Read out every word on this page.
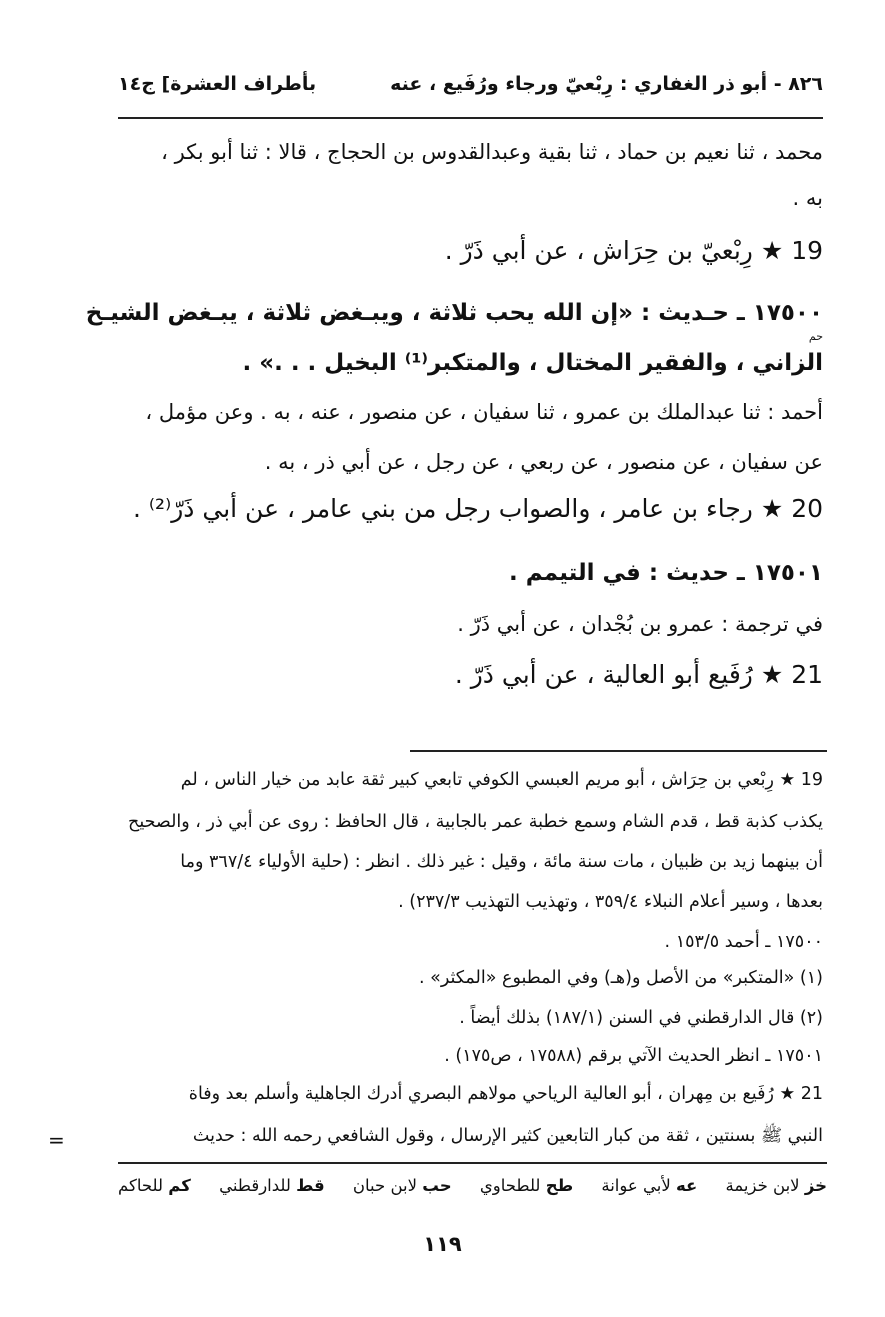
بأطراف العشرة] ج١٤	٨٢٦ - أبو ذر الغفاري : رِبْعيّ ورجاء ورُفَيع ، عنه
محمد ، ثنا نعيم بن حماد ، ثنا بقية وعبدالقدوس بن الحجاج ، قالا : ثنا أبو بكر ،
به .
19 ★ رِبْعيّ بن حِرَاش ، عن أبي ذَرّ .
١٧٥٠٠ ـ حـديث : «إن الله يحب ثلاثة ، ويبـغض ثلاثة ، يبـغض الشيـخ
حم
الزاني ، والفقير المختال ، والمتكبر⁽¹⁾ البخيل . . .» .
أحمد : ثنا عبدالملك بن عمرو ، ثنا سفيان ، عن منصور ، عنه ، به . وعن مؤمل ،
عن سفيان ، عن منصور ، عن ربعي ، عن رجل ، عن أبي ذر ، به .
20 ★ رجاء بن عامر ، والصواب رجل من بني عامر ، عن أبي ذَرّ⁽²⁾ .
١٧٥٠١ ـ حديث : في التيمم .
في ترجمة : عمرو بن بُجْدان ، عن أبي ذَرّ .
21 ★ رُفَيع أبو العالية ، عن أبي ذَرّ .
19 ★ رِبْعي بن حِرَاش ، أبو مريم العبسي الكوفي تابعي كبير ثقة عابد من خيار الناس ، لم
يكذب كذبة قط ، قدم الشام وسمع خطبة عمر بالجابية ، قال الحافظ : روى عن أبي ذر ، والصحيح
أن بينهما زيد بن ظبيان ، مات سنة مائة ، وقيل : غير ذلك . انظر : (حلية الأولياء ٣٦٧/٤ وما
بعدها ، وسير أعلام النبلاء ٣٥٩/٤ ، وتهذيب التهذيب ٢٣٧/٣) .
١٧٥٠٠ ـ أحمد ١٥٣/٥ .
(١) «المتكبر» من الأصل و(هـ) وفي المطبوع «المكثر» .
(٢) قال الدارقطني في السنن (١٨٧/١) بذلك أيضاً .
١٧٥٠١ ـ انظر الحديث الآتي برقم (١٧٥٨٨ ، ص١٧٥) .
21 ★ رُفَيع بن مِهران ، أبو العالية الرياحي مولاهم البصري أدرك الجاهلية وأسلم بعد وفاة
النبي ﷺ بسنتين ، ثقة من كبار التابعين كثير الإرسال ، وقول الشافعي رحمه الله : حديث
=
خز لابن خزيمة
عه لأبي عوانة
طح للطحاوي
حب لابن حبان
قط للدارقطني
كم للحاكم
١١٩
